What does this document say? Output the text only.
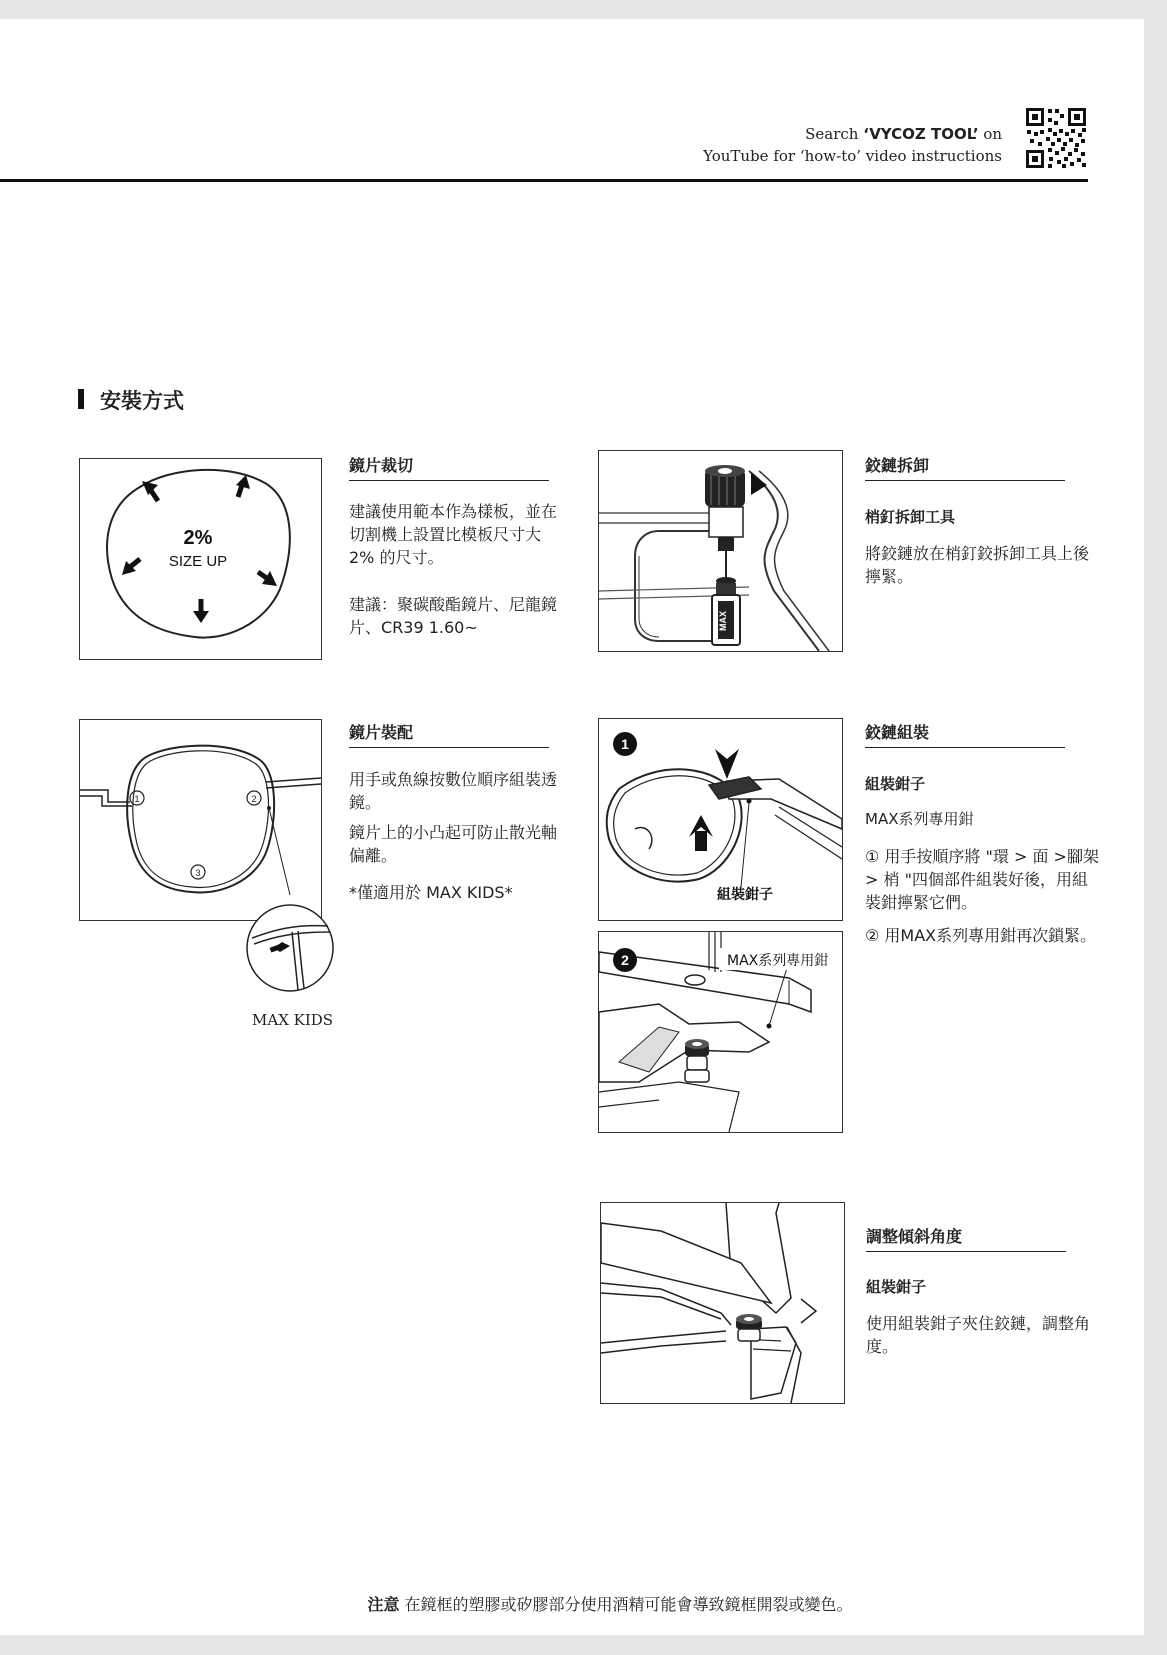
Search ‘VYCOZ TOOL’ on
YouTube for ‘how-to’ video instructions
安裝方式
2%
SIZE UP
鏡片裁切
建議使用範本作為樣板，並在切割機上設置比模板尺寸大 2% 的尺寸。
建議：聚碳酸酯鏡片、尼龍鏡片、CR39 1.60~	MAX
鉸鏈拆卸
梢釘拆卸工具
將鉸鏈放在梢釘鉸拆卸工具上後擰緊。
1	2
3
MAX KIDS
鏡片裝配
用手或魚線按數位順序組裝透鏡。
鏡片上的小凸起可防止散光軸偏離。
*僅適用於 MAX KIDS*
1
組裝鉗子
2	MAX系列專用鉗
鉸鏈組裝
組裝鉗子
MAX系列專用鉗
① 用手按順序將 "環 > 面 >腳架 > 梢 "四個部件組裝好後，用組裝鉗擰緊它們。
② 用MAX系列專用鉗再次鎖緊。
調整傾斜角度
組裝鉗子
使用組裝鉗子夾住鉸鏈，調整角度。
注意 在鏡框的塑膠或矽膠部分使用酒精可能會導致鏡框開裂或變色。
